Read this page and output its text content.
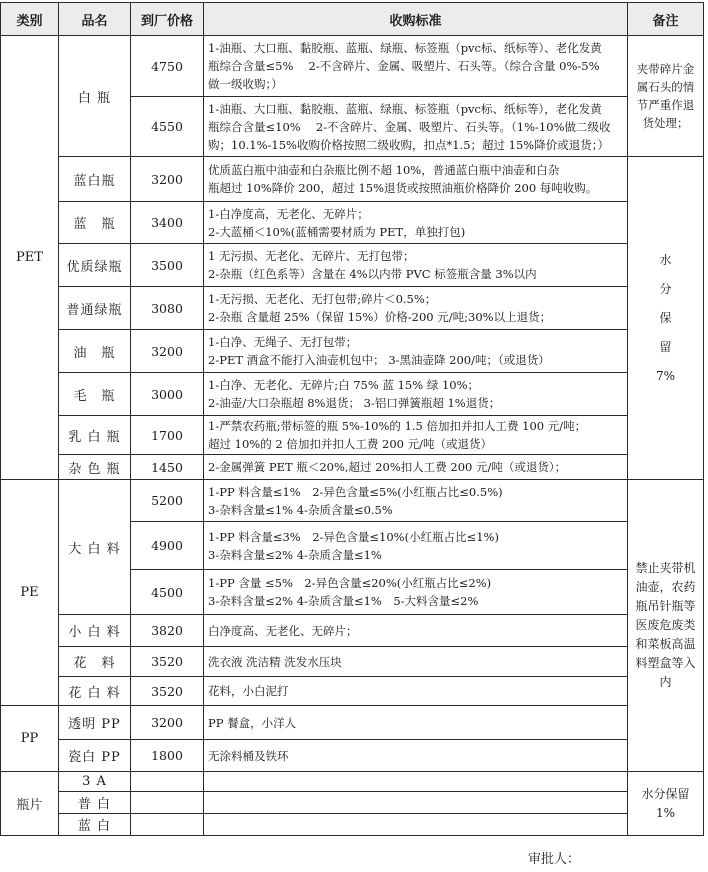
类别	品名	到厂价格	收购标准	备注
PET	白 瓶	4750	1-油瓶、大口瓶、黏胶瓶、蓝瓶、绿瓶、标签瓶（pvc标、纸标等）、老化发黄
瓶综合含量≤5%　 2-不含碎片、金属、吸塑片、石头等。（综合含量 0%-5%
做一级收购；）	夹带碎片金属石头的情节严重作退货处理；
		4550	1-油瓶、大口瓶、黏胶瓶、蓝瓶、绿瓶、标签瓶（pvc标、纸标等），老化发黄
瓶综合含量≤10%　 2-不含碎片、金属、吸塑片、石头等。（1%-10%做二级收
购；10.1%-15%收购价格按照二级收购，扣点*1.5；超过 15%降价或退货；）	

	蓝白瓶	3200	优质蓝白瓶中油壶和白杂瓶比例不超 10%，普通蓝白瓶中油壶和白杂
瓶超过 10%降价 200，超过 15%退货或按照油瓶价格降价 200 每吨收购。	水
分
保
留
7%

	蓝　瓶	3400	1-白净度高，无老化、无碎片；
2-大蓝桶＜10%(蓝桶需要材质为 PET，单独打包)	

	优质绿瓶	3500	1 无污损、无老化、无碎片、无打包带；
2-杂瓶（红色系等）含量在 4%以内带 PVC 标签瓶含量 3%以内	

	普通绿瓶	3080	1-无污损、无老化、无打包带;碎片＜0.5%；
2-杂瓶 含量超 25%（保留 15%）价格-200 元/吨;30%以上退货；	

	油　瓶	3200	1-白净、无绳子、无打包带；
2-PET 酒盒不能打入油壶机包中； 3-黑油壶降 200/吨；（或退货）	

	毛　瓶	3000	1-白净、无老化、无碎片;白 75% 蓝 15% 绿 10%；
2-油壶/大口杂瓶超 8%退货； 3-铝口弹簧瓶超 1%退货；	

	乳 白 瓶	1700	1-严禁农药瓶;带标签的瓶 5%-10%的 1.5 倍加扣并扣人工费 100 元/吨；
超过 10%的 2 倍加扣并扣人工费 200 元/吨（或退货）	

	杂 色 瓶	1450	2-金属弹簧 PET 瓶＜20%,超过 20%扣人工费 200 元/吨（或退货）；	

PE	大 白 料	5200	1-PP 料含量≤1%　2-异色含量≤5%(小红瓶占比≤0.5%)
3-杂料含量≤1% 4-杂质含量≤0.5%	禁止夹带机油壶，农药瓶吊针瓶等医废危废类和菜板高温料塑盒等入内
		4900	1-PP 料含量≤3%　2-异色含量≤10%(小红瓶占比≤1%)
3-杂料含量≤2% 4-杂质含量≤1%	

		4500	1-PP 含量 ≤5%　2-异色含量≤20%(小红瓶占比≤2%)
3-杂料含量≤2% 4-杂质含量≤1%　5-大料含量≤2%	

	小 白 料	3820	白净度高、无老化、无碎片；	
	花　料	3520	洗衣液 洗洁精 洗发水压块	
	花 白 料	3520	花料，小白泥打	
PP	透明 PP	3200	PP 餐盒，小洋人	
	瓷白 PP	1800	无涂料桶及铁环	
瓶片	3 A			水分保留1%
	普 白			
	蓝 白			
审批人：
